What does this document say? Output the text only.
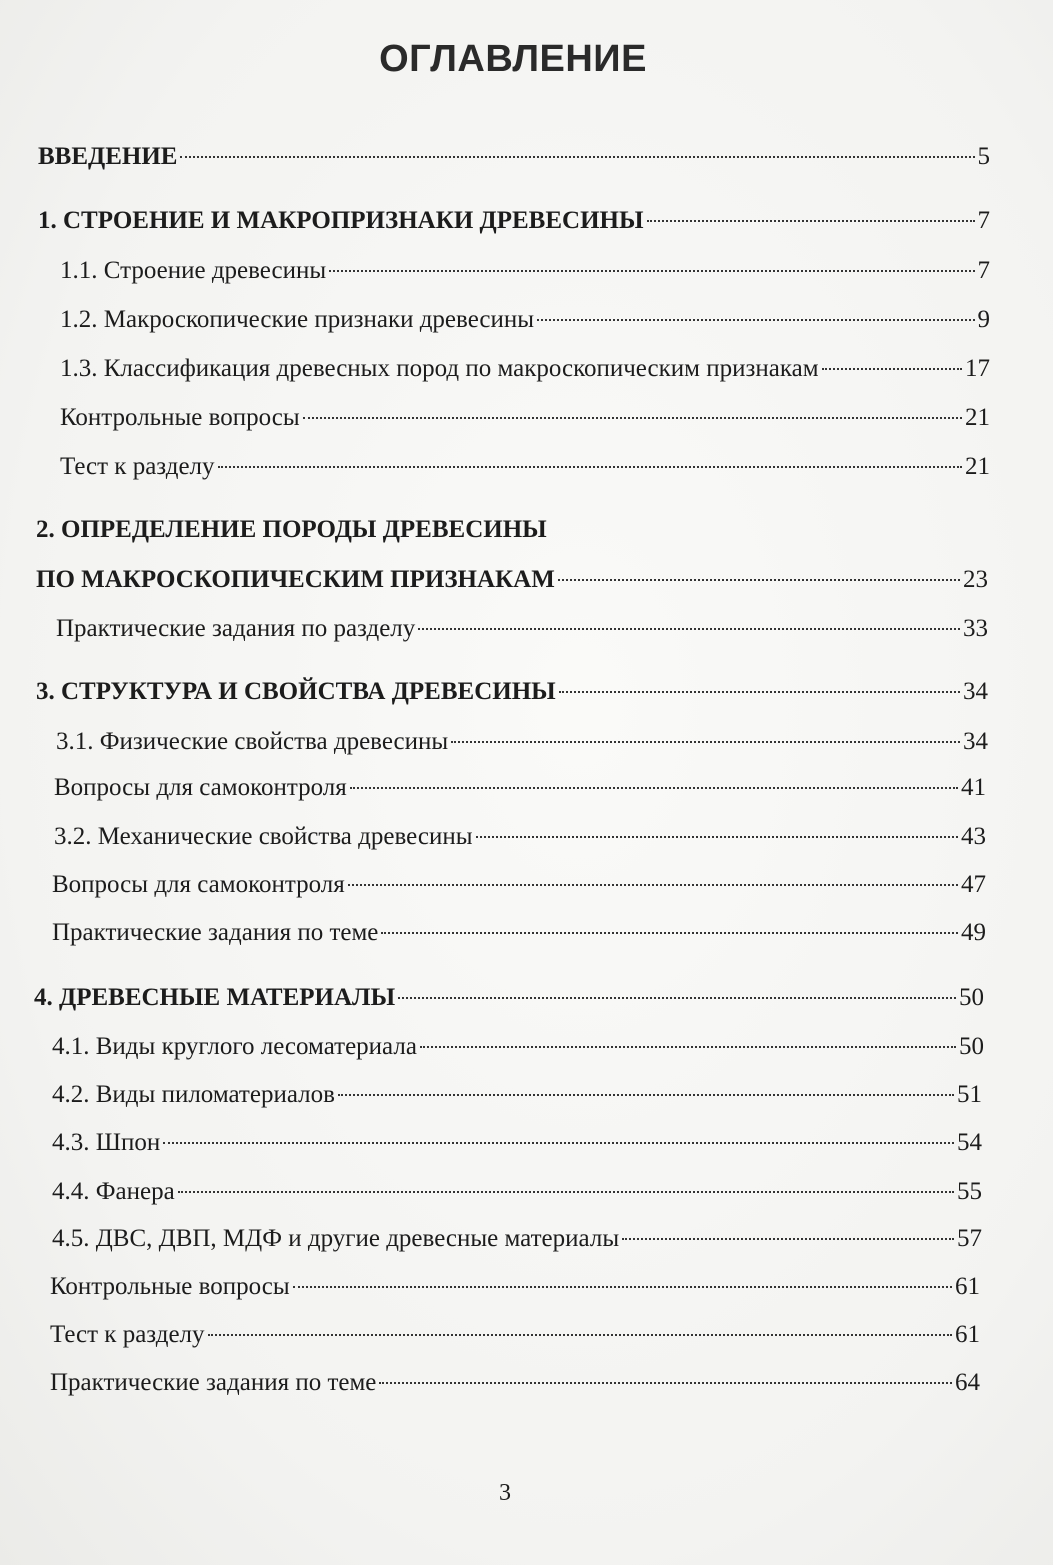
ОГЛАВЛЕНИЕ
ВВЕДЕНИЕ	5
1. СТРОЕНИЕ И МАКРОПРИЗНАКИ ДРЕВЕСИНЫ	7
1.1. Строение древесины	7
1.2. Макроскопические признаки древесины	9
1.3. Классификация древесных пород по макроскопическим признакам	17
Контрольные вопросы	21
Тест к разделу	21
2. ОПРЕДЕЛЕНИЕ ПОРОДЫ ДРЕВЕСИНЫ
ПО МАКРОСКОПИЧЕСКИМ ПРИЗНАКАМ	23
Практические задания по разделу	33
3. СТРУКТУРА И СВОЙСТВА ДРЕВЕСИНЫ	34
3.1. Физические свойства древесины	34
Вопросы для самоконтроля	41
3.2. Механические свойства древесины	43
Вопросы для самоконтроля	47
Практические задания по теме	49
4. ДРЕВЕСНЫЕ МАТЕРИАЛЫ	50
4.1. Виды круглого лесоматериала	50
4.2. Виды пиломатериалов	51
4.3. Шпон	54
4.4. Фанера	55
4.5. ДВС, ДВП, МДФ и другие древесные материалы	57
Контрольные вопросы	61
Тест к разделу	61
Практические задания по теме	64
3
